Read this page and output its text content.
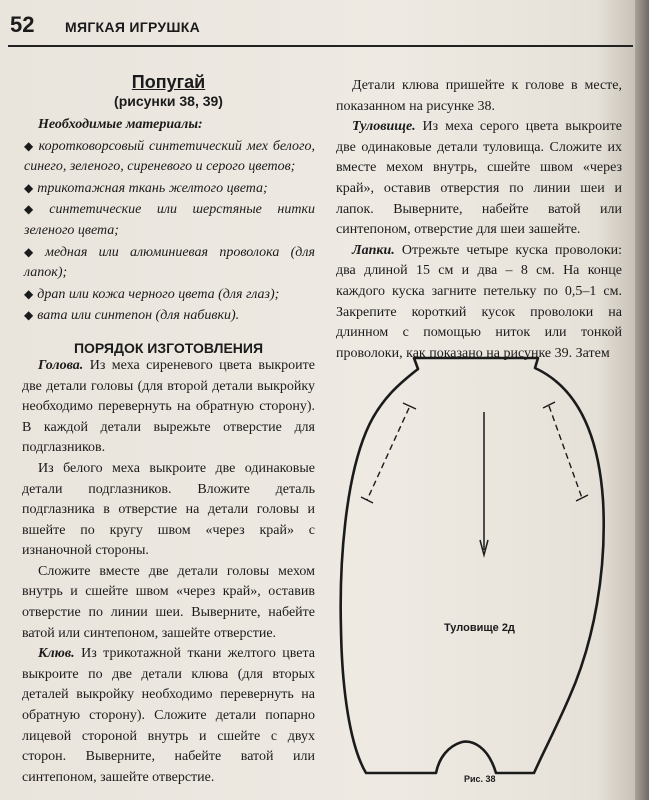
52 МЯГКАЯ ИГРУШКА
Попугай
(рисунки 38, 39)

Необходимые материалы:

◆ коротковорсовый синтетический мех белого, синего, зеленого, сиреневого и серого цветов;
◆ трикотажная ткань желтого цвета;
◆ синтетические или шерстяные нитки зеленого цвета;
◆ медная или алюминиевая проволока (для лапок);
◆ драп или кожа черного цвета (для глаз);
◆ вата или синтепон (для набивки).
ПОРЯДОК ИЗГОТОВЛЕНИЯ

Голова. Из меха сиреневого цвета выкроите две детали головы (для второй детали выкройку необходимо перевернуть на обратную сторону). В каждой детали вырежьте отверстие для подглазников.

Из белого меха выкроите две одинаковые детали подглазников. Вложите деталь подглазника в отверстие на детали головы и вшейте по кругу швом «через край» с изнаночной стороны.

Сложите вместе две детали головы мехом внутрь и сшейте швом «через край», оставив отверстие по линии шеи. Выверните, набейте ватой или синтепоном, зашейте отверстие.

Клюв. Из трикотажной ткани желтого цвета выкроите по две детали клюва (для вторых деталей выкройку необходимо перевернуть на обратную сторону). Сложите детали попарно лицевой стороной внутрь и сшейте с двух сторон. Выверните, набейте ватой или синтепоном, зашейте отверстие.

Детали клюва пришейте к голове в месте, показанном на рисунке 38.

Туловище. Из меха серого цвета выкроите две одинаковые детали туловища. Сложите их вместе мехом внутрь, сшейте швом «через край», оставив отверстия по линии шеи и лапок. Выверните, набейте ватой или синтепоном, отверстие для шеи зашейте.

Лапки. Отрежьте четыре куска проволоки: два длиной 15 см и два – 8 см. На конце каждого куска загните петельку по 0,5–1 см. Закрепите короткий кусок проволоки на длинном с помощью ниток или тонкой проволоки, как показано на рисунке 39. Затем

Туловище 2д
Рис. 38
